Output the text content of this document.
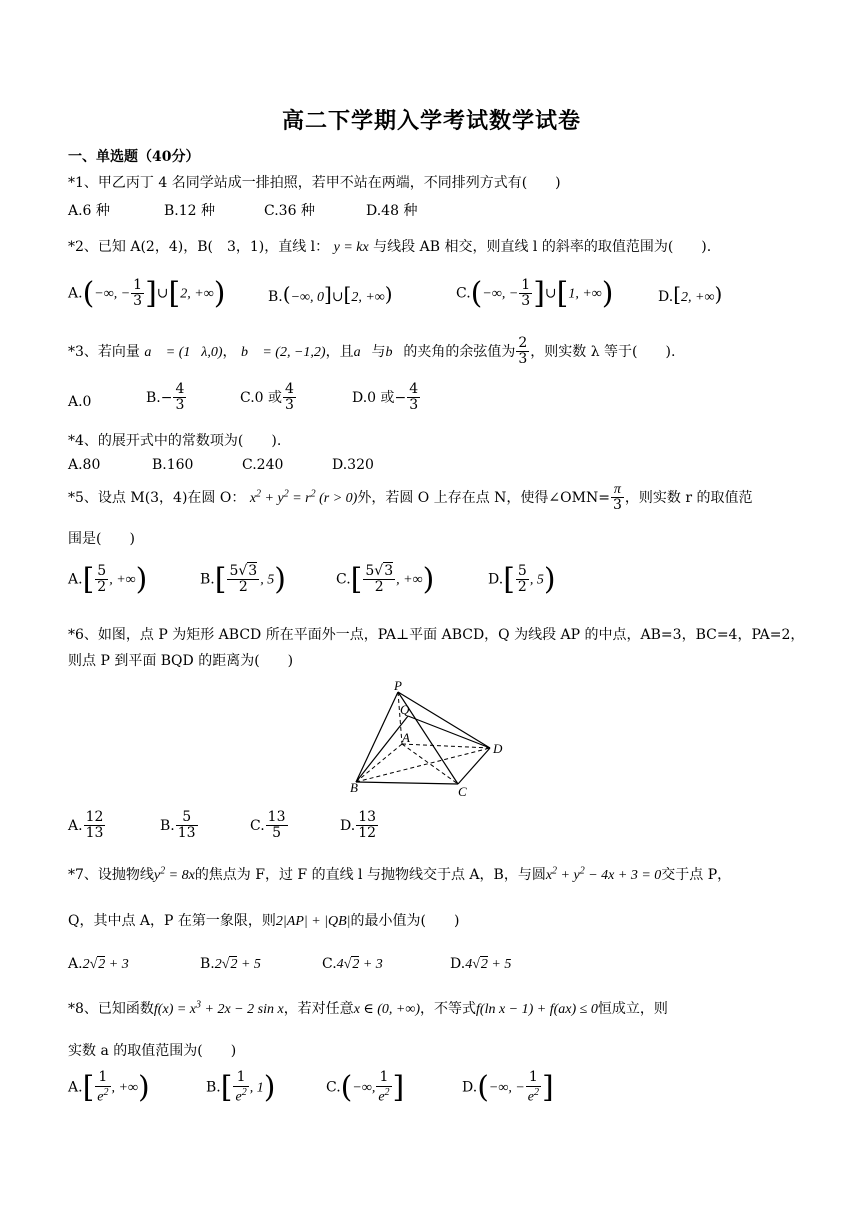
高二下学期入学考试数学试卷
一、单选题（40分）
*1、甲乙丙丁 4 名同学站成一排拍照，若甲不站在两端，不同排列方式有(　　)
A.6 种	B.12 种	C.36 种	D.48 种
*2、已知 A(2，4)，B(　3，1)，直线 l： y = kx 与线段 AB 相交，则直线 l 的斜率的取值范围为(　　).
A.(−∞, − $\frac{1}{3}$ ]∪[2, +∞)	B.(−∞, 0]∪[2, +∞)	C.(−∞, − $\frac{1}{3}$ ]∪[1, +∞)	D.[2, +∞)
*3、若向量 a⃗ = (1，λ,0)， b⃗ = (2, −1,2)，且a⃗与b⃗的夹角的余弦值为 $\frac{2}{3}$ ，则实数 λ 等于(　　).
A.0	$B.- \frac{4}{3}$	C.0 或 $\frac{4}{3}$	D.0 或− $\frac{4}{3}$
*4、的展开式中的常数项为(　　).
A.80	B.160	C.240	D.320
*5、设点 M(3，4)在圆 O： $x^2 + y^2 = r^2$ (r > 0)外，若圆 O 上存在点 N，使得∠OMN= $\frac{\pi}{3}$ ，则实数 r 的取值范
围是(　　)
$A.[ \frac{5}{2}$ , +∞)	$B.[ \frac{5√3}{2}$ , 5)	$C.[ \frac{5√3}{2}$ , +∞)	$D.[ \frac{5}{2}$ , 5)
*6、如图，点 P 为矩形 ABCD 所在平面外一点，PA⊥平面 ABCD，Q 为线段 AP 的中点，AB=3，BC=4，PA=2，
则点 P 到平面 BQD 的距离为(　　)
P
Q
A
B	C
D
A. $\frac{12}{13}$	B. $\frac{5}{13}$	C. $\frac{13}{5}$	D. $\frac{13}{12}$
*7、设抛物线$y^2 = 8x$的焦点为 F，过 F 的直线 l 与抛物线交于点 A，B，与圆$x^2 + y^2 - 4x + 3 = 0$交于点 P，
Q，其中点 A，P 在第一象限，则2|AP| + |QB|的最小值为(　　)
A.2√2 + 3	B.2√2 + 5	C.4√2 + 3	D.4√2 + 5
*8、已知函数$f(x) = x^3 + 2x - 2$ sin x，若对任意x ∈ (0, +∞)，不等式f(ln x − 1) + f(ax) ≤ 0恒成立，则
实数 a 的取值范围为(　　)
$A.[ \frac{1}{e^2}$ , +∞)	$B.[ \frac{1}{e^2}$ , 1)	C.(−∞, $\frac{1}{e^2}$ ]	D.(−∞, − $\frac{1}{e^2}$ ]
